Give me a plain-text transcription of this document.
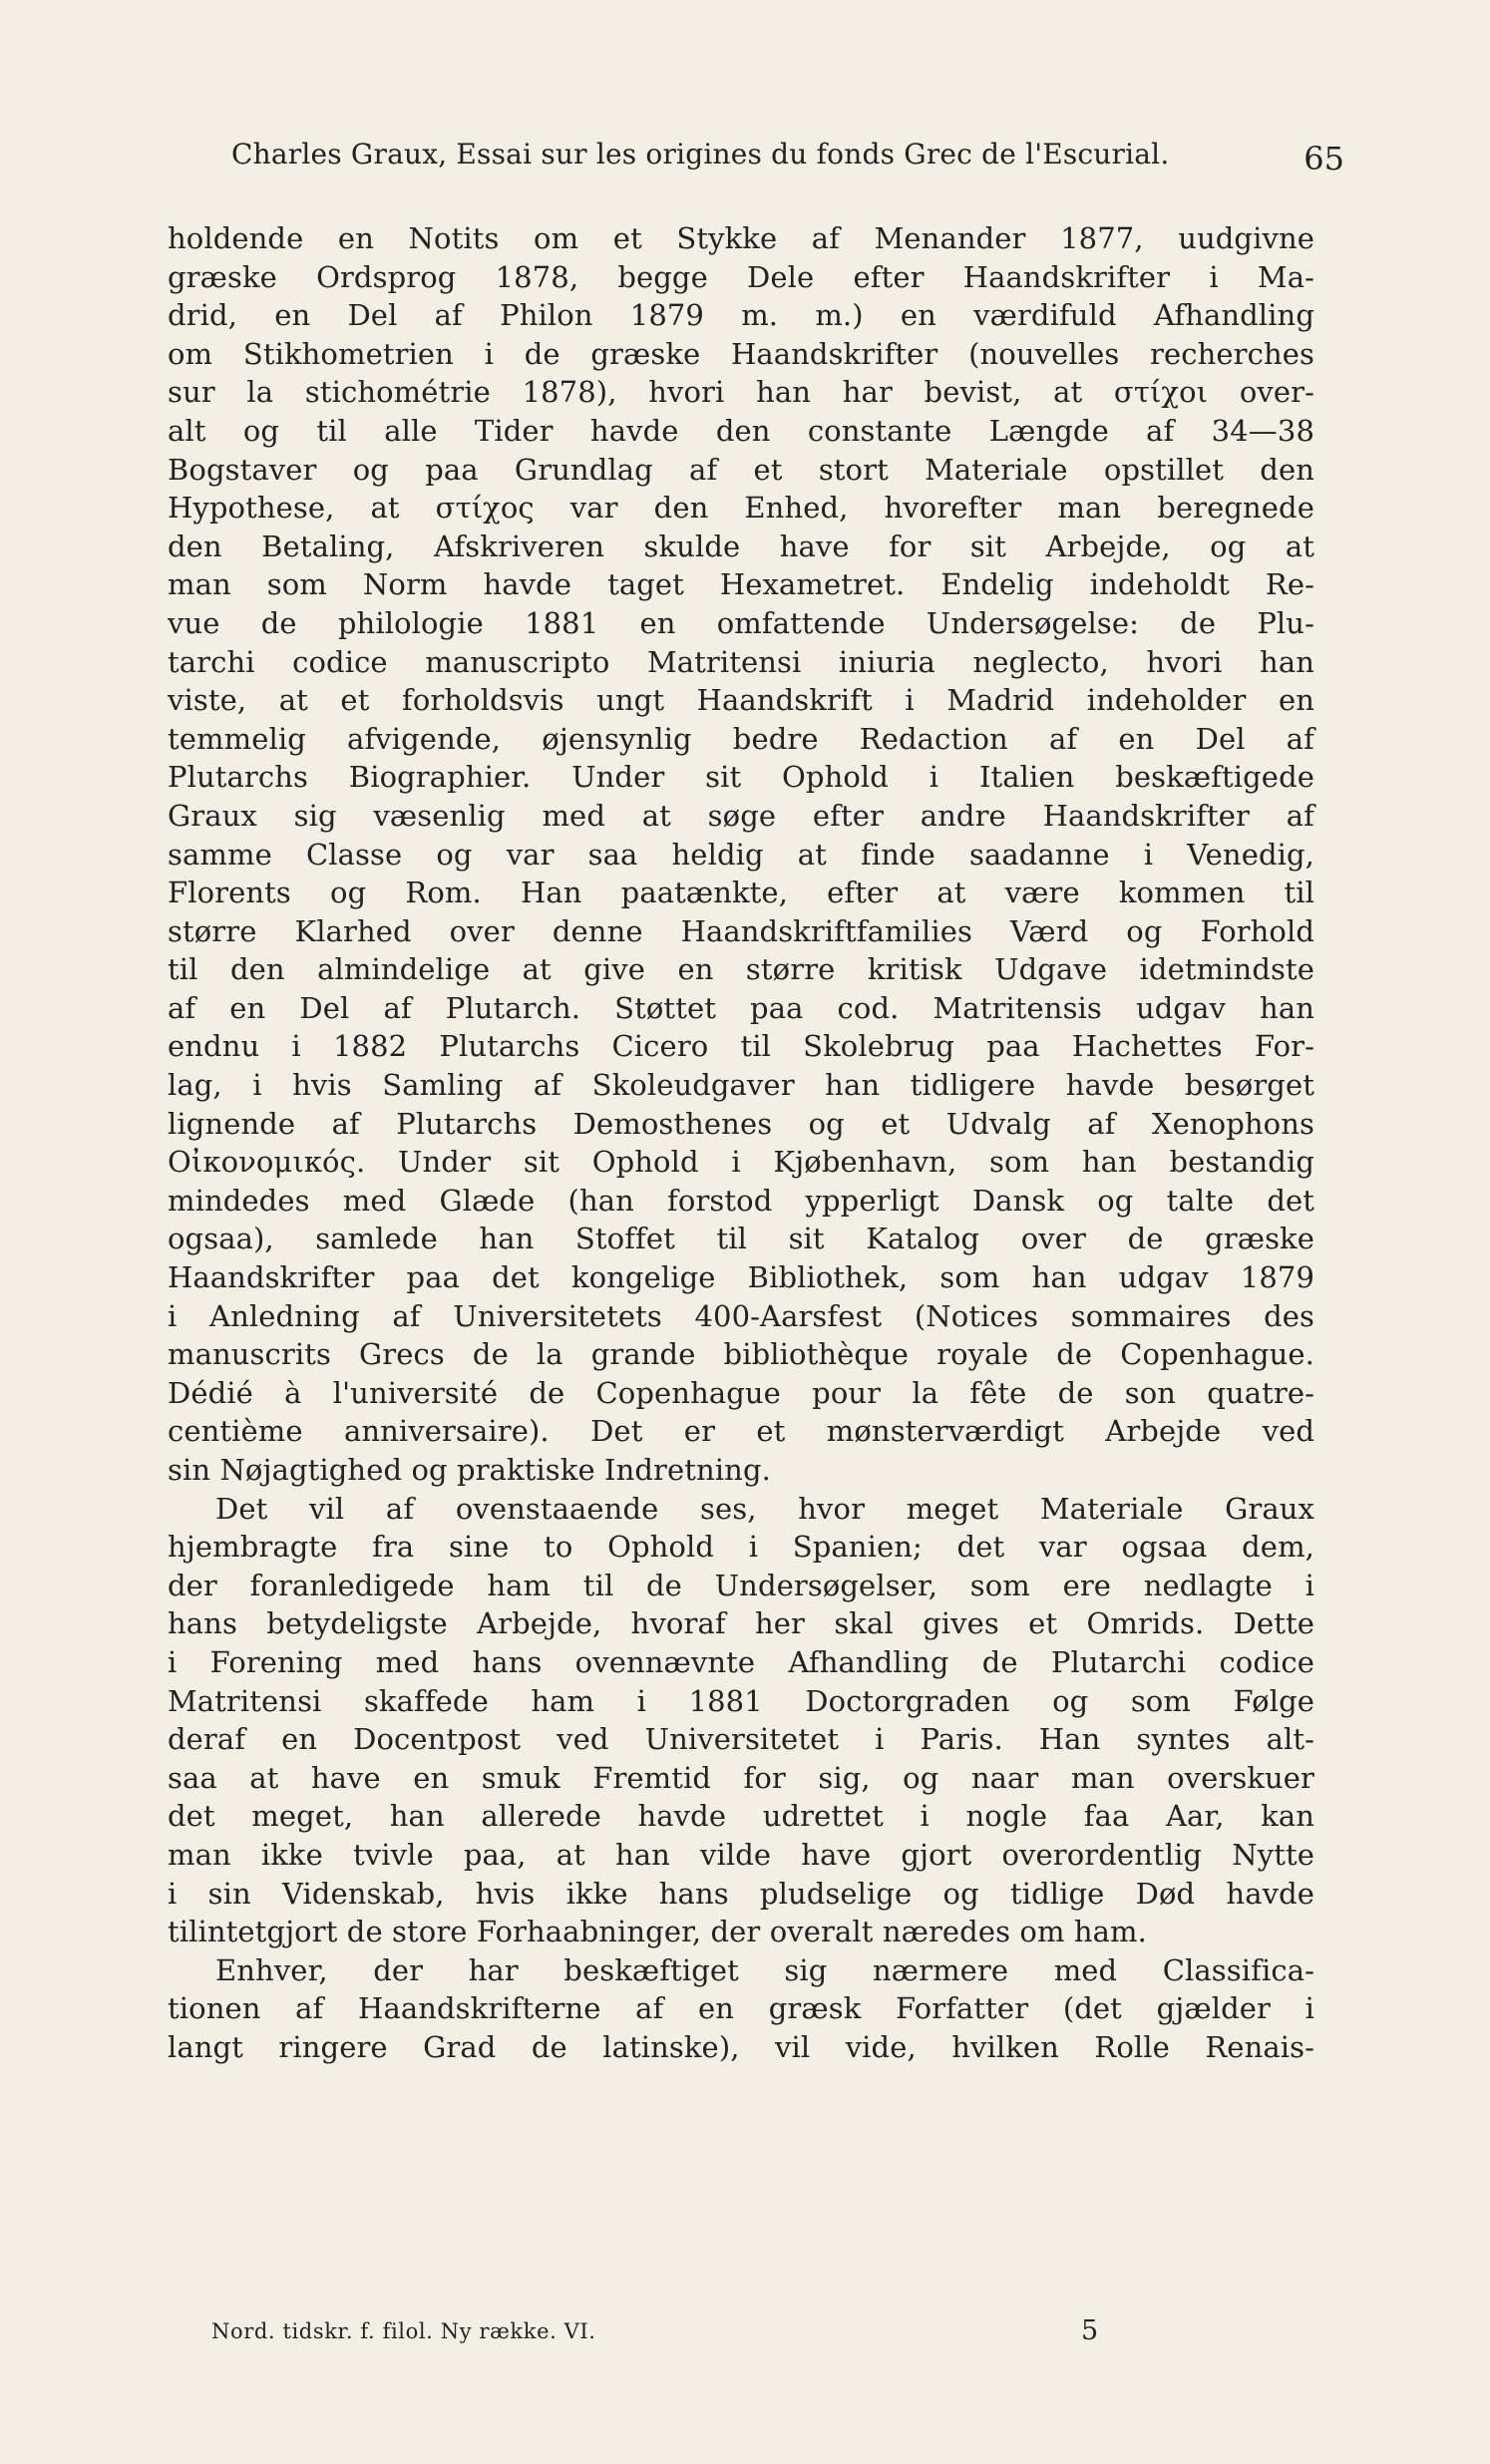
Charles Graux, Essai sur les origines du fonds Grec de l'Escurial.	65
holdende en Notits om et Stykke af Menander 1877, uudgivne
græske Ordsprog 1878, begge Dele efter Haandskrifter i Ma-
drid, en Del af Philon 1879 m. m.) en værdifuld Afhandling
om Stikhometrien i de græske Haandskrifter (nouvelles recherches
sur la stichométrie 1878), hvori han har bevist, at στίχοι over-
alt og til alle Tider havde den constante Længde af 34—38
Bogstaver og paa Grundlag af et stort Materiale opstillet den
Hypothese, at στίχος var den Enhed, hvorefter man beregnede
den Betaling, Afskriveren skulde have for sit Arbejde, og at
man som Norm havde taget Hexametret. Endelig indeholdt Re-
vue de philologie 1881 en omfattende Undersøgelse: de Plu-
tarchi codice manuscripto Matritensi iniuria neglecto, hvori han
viste, at et forholdsvis ungt Haandskrift i Madrid indeholder en
temmelig afvigende, øjensynlig bedre Redaction af en Del af
Plutarchs Biographier. Under sit Ophold i Italien beskæftigede
Graux sig væsenlig med at søge efter andre Haandskrifter af
samme Classe og var saa heldig at finde saadanne i Venedig,
Florents og Rom. Han paatænkte, efter at være kommen til
større Klarhed over denne Haandskriftfamilies Værd og Forhold
til den almindelige at give en større kritisk Udgave idetmindste
af en Del af Plutarch. Støttet paa cod. Matritensis udgav han
endnu i 1882 Plutarchs Cicero til Skolebrug paa Hachettes For-
lag, i hvis Samling af Skoleudgaver han tidligere havde besørget
lignende af Plutarchs Demosthenes og et Udvalg af Xenophons
Οἰκονομικός. Under sit Ophold i Kjøbenhavn, som han bestandig
mindedes med Glæde (han forstod ypperligt Dansk og talte det
ogsaa), samlede han Stoffet til sit Katalog over de græske
Haandskrifter paa det kongelige Bibliothek, som han udgav 1879
i Anledning af Universitetets 400-Aarsfest (Notices sommaires des
manuscrits Grecs de la grande bibliothèque royale de Copenhague.
Dédié à l'université de Copenhague pour la fête de son quatre-
centième anniversaire). Det er et mønsterværdigt Arbejde ved
sin Nøjagtighed og praktiske Indretning.
Det vil af ovenstaaende ses, hvor meget Materiale Graux
hjembragte fra sine to Ophold i Spanien; det var ogsaa dem,
der foranledigede ham til de Undersøgelser, som ere nedlagte i
hans betydeligste Arbejde, hvoraf her skal gives et Omrids. Dette
i Forening med hans ovennævnte Afhandling de Plutarchi codice
Matritensi skaffede ham i 1881 Doctorgraden og som Følge
deraf en Docentpost ved Universitetet i Paris. Han syntes alt-
saa at have en smuk Fremtid for sig, og naar man overskuer
det meget, han allerede havde udrettet i nogle faa Aar, kan
man ikke tvivle paa, at han vilde have gjort overordentlig Nytte
i sin Videnskab, hvis ikke hans pludselige og tidlige Død havde
tilintetgjort de store Forhaabninger, der overalt næredes om ham.
Enhver, der har beskæftiget sig nærmere med Classifica-
tionen af Haandskrifterne af en græsk Forfatter (det gjælder i
langt ringere Grad de latinske), vil vide, hvilken Rolle Renais-
Nord. tidskr. f. filol. Ny række. VI.	5
